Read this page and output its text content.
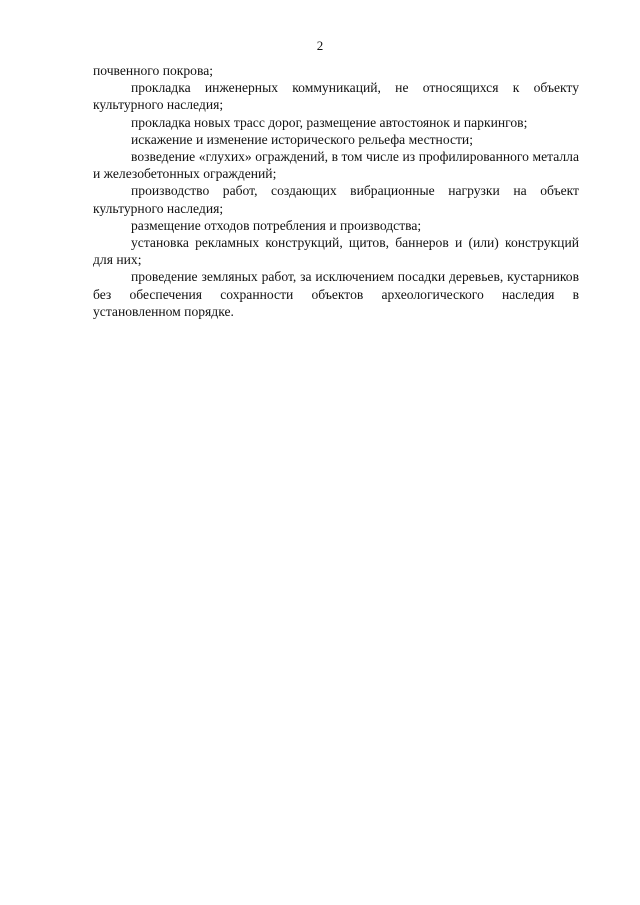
2

почвенного покрова;

прокладка инженерных коммуникаций, не относящихся к объекту культурного наследия;

прокладка новых трасс дорог, размещение автостоянок и паркингов;

искажение и изменение исторического рельефа местности;

возведение «глухих» ограждений, в том числе из профилированного металла и железобетонных ограждений;

производство работ, создающих вибрационные нагрузки на объект культурного наследия;

размещение отходов потребления и производства;

установка рекламных конструкций, щитов, баннеров и (или) конструкций для них;

проведение земляных работ, за исключением посадки деревьев, кустарников без обеспечения сохранности объектов археологического наследия в установленном порядке.
